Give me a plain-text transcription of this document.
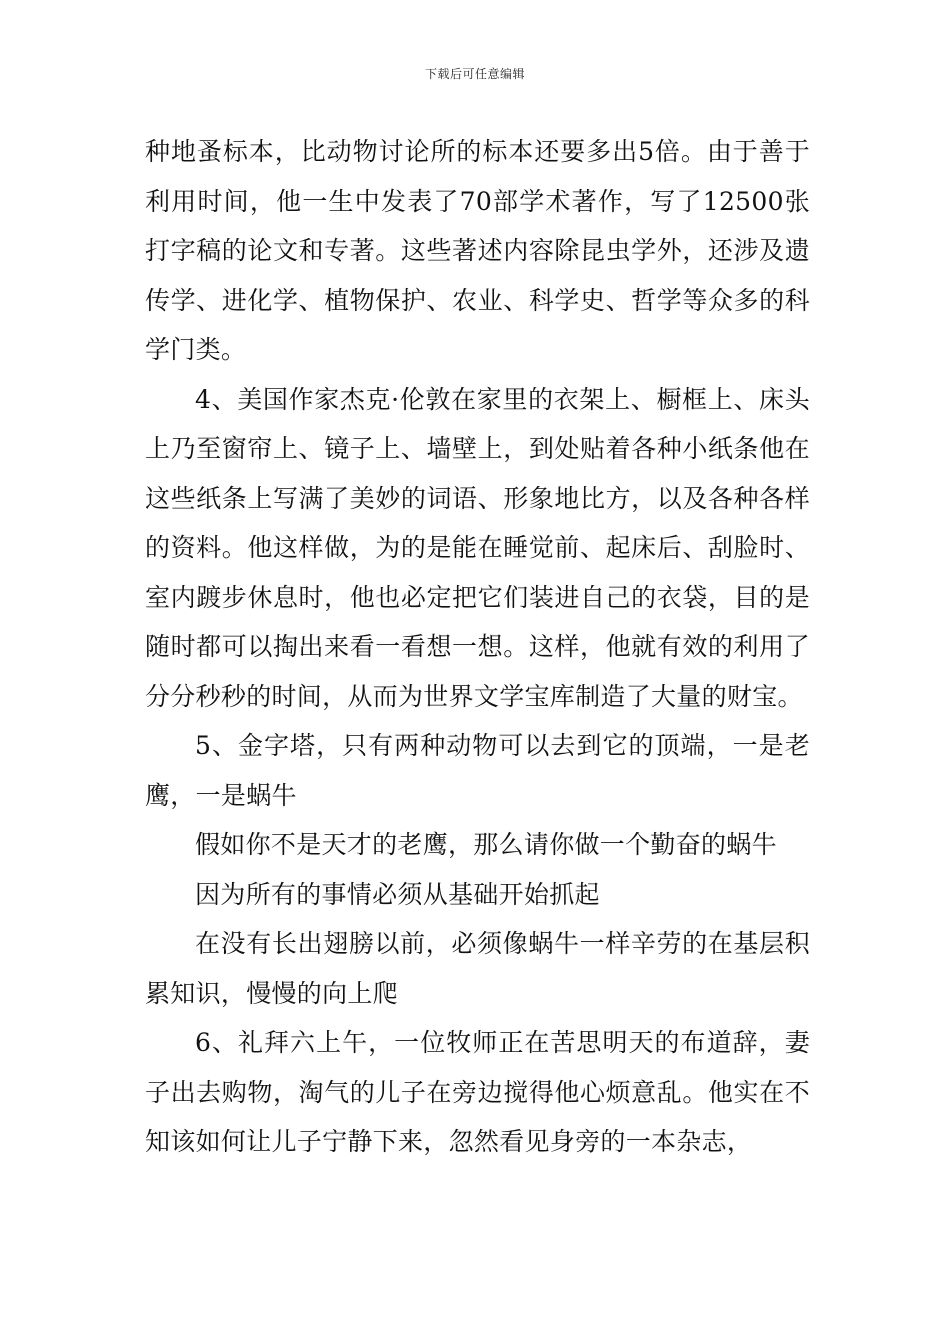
下载后可任意编辑

种地蚤标本，比动物讨论所的标本还要多出5倍。由于善于利用时间，他一生中发表了70部学术著作，写了12500张打字稿的论文和专著。这些著述内容除昆虫学外，还涉及遗传学、进化学、植物保护、农业、科学史、哲学等众多的科学门类。

4、美国作家杰克·伦敦在家里的衣架上、橱框上、床头上乃至窗帘上、镜子上、墙壁上，到处贴着各种小纸条他在这些纸条上写满了美妙的词语、形象地比方，以及各种各样的资料。他这样做，为的是能在睡觉前、起床后、刮脸时、室内踱步休息时，他也必定把它们装进自己的衣袋，目的是随时都可以掏出来看一看想一想。这样，他就有效的利用了分分秒秒的时间，从而为世界文学宝库制造了大量的财宝。

5、金字塔，只有两种动物可以去到它的顶端，一是老鹰，一是蜗牛

假如你不是天才的老鹰，那么请你做一个勤奋的蜗牛

因为所有的事情必须从基础开始抓起

在没有长出翅膀以前，必须像蜗牛一样辛劳的在基层积累知识，慢慢的向上爬

6、礼拜六上午，一位牧师正在苦思明天的布道辞，妻子出去购物，淘气的儿子在旁边搅得他心烦意乱。他实在不知该如何让儿子宁静下来，忽然看见身旁的一本杂志，
